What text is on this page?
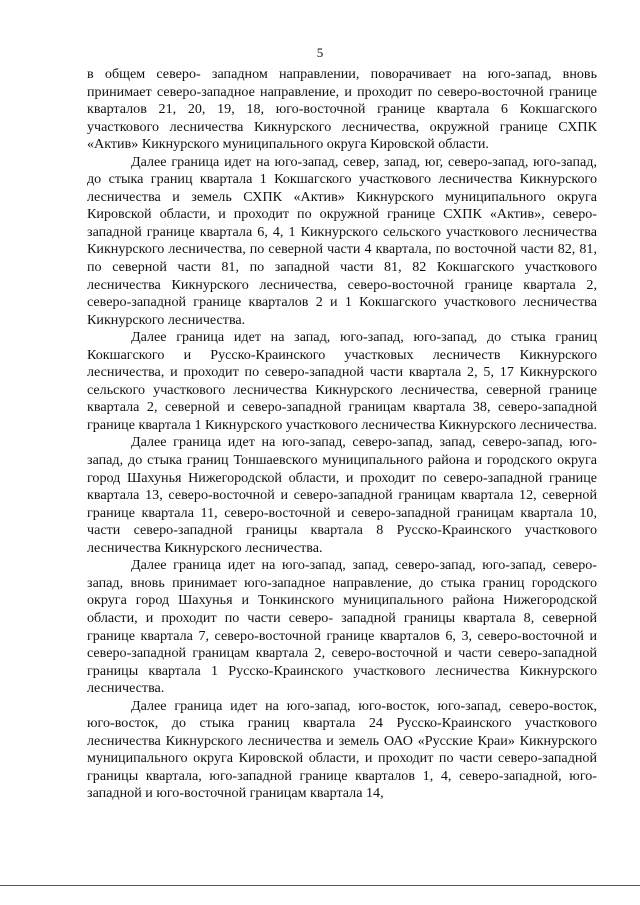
5

в общем северо- западном направлении, поворачивает на юго-запад, вновь принимает северо-западное направление, и проходит по северо-восточной границе кварталов 21, 20, 19, 18, юго-восточной границе квартала 6 Кокшагского участкового лесничества Кикнурского лесничества, окружной границе СХПК «Актив» Кикнурского муниципального округа Кировской области.

Далее граница идет на юго-запад, север, запад, юг, северо-запад, юго-запад, до стыка границ квартала 1 Кокшагского участкового лесничества Кикнурского лесничества и земель СХПК «Актив» Кикнурского муниципального округа Кировской области, и проходит по окружной границе СХПК «Актив», северо-западной границе квартала 6, 4, 1 Кикнурского сельского участкового лесничества Кикнурского лесничества, по северной части 4 квартала, по восточной части 82, 81, по северной части 81, по западной части 81, 82 Кокшагского участкового лесничества Кикнурского лесничества, северо-восточной границе квартала 2, северо-западной границе кварталов 2 и 1 Кокшагского участкового лесничества Кикнурского лесничества.

Далее граница идет на запад, юго-запад, юго-запад, до стыка границ Кокшагского и Русско-Краинского участковых лесничеств Кикнурского лесничества, и проходит по северо-западной части квартала 2, 5, 17 Кикнурского сельского участкового лесничества Кикнурского лесничества, северной границе квартала 2, северной и северо-западной границам квартала 38, северо-западной границе квартала 1 Кикнурского участкового лесничества Кикнурского лесничества.

Далее граница идет на юго-запад, северо-запад, запад, северо-запад, юго-запад, до стыка границ Тоншаевского муниципального района и городского округа город Шахунья Нижегородской области, и проходит по северо-западной границе квартала 13, северо-восточной и северо-западной границам квартала 12, северной границе квартала 11, северо-восточной и северо-западной границам квартала 10, части северо-западной границы квартала 8 Русско-Краинского участкового лесничества Кикнурского лесничества.

Далее граница идет на юго-запад, запад, северо-запад, юго-запад, северо-запад, вновь принимает юго-западное направление, до стыка границ городского округа город Шахунья и Тонкинского муниципального района Нижегородской области, и проходит по части северо- западной границы квартала 8, северной границе квартала 7, северо-восточной границе кварталов 6, 3, северо-восточной и северо-западной границам квартала 2, северо-восточной и части северо-западной границы квартала 1 Русско-Краинского участкового лесничества Кикнурского лесничества.

Далее граница идет на юго-запад, юго-восток, юго-запад, северо-восток, юго-восток, до стыка границ квартала 24 Русско-Краинского участкового лесничества Кикнурского лесничества и земель ОАО «Русские Краи» Кикнурского муниципального округа Кировской области, и проходит по части северо-западной границы квартала, юго-западной границе кварталов 1, 4, северо-западной, юго-западной и юго-восточной границам квартала 14,
